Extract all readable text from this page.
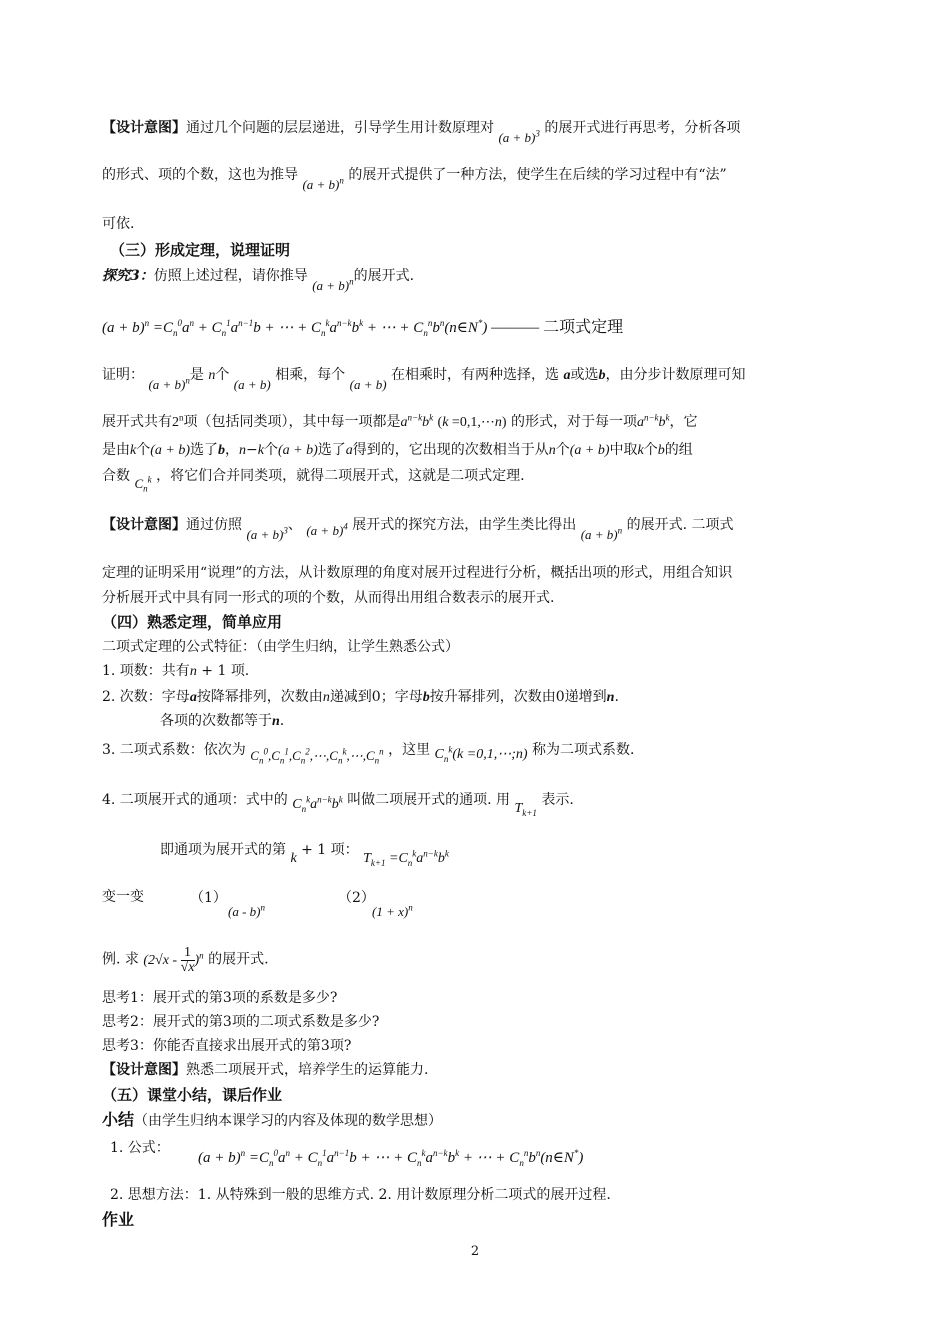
【设计意图】通过几个问题的层层递进，引导学生用计数原理对 $(a + b)^3$ 的展开式进行再思考，分析各项
的形式、项的个数，这也为推导 $(a + b)^n$ 的展开式提供了一种方法，使学生在后续的学习过程中有“法”
可依.
（三）形成定理，说理证明
探究3：仿照上述过程，请你推导 $(a + b)^n$的展开式.
$(a + b)^n =C_n^0a^n + C_n^1a^{n-1}b$ + ⋯ + $C_n^ka^{n-k}b^k$ + ⋯ + $C_n^nb^n(n\in N^*)$ ——— 二项式定理
证明： $(a + b)^n$是 n个 (a + b) 相乘，每个 (a + b) 在相乘时，有两种选择，选 a或选b，由分步计数原理可知
展开式共有2$^n$项（包括同类项），其中每一项都是$a^{n-k}b^k$ (k =0,1,⋯n) 的形式，对于每一项$a^{n-k}b^k$，它
是由k个(a + b)选了b，n−k个(a + b)选了a得到的，它出现的次数相当于从n个(a + b)中取k个b的组
合数 $C_n^k$ ，将它们合并同类项，就得二项展开式，这就是二项式定理.
【设计意图】通过仿照 $(a + b)^3$、 $(a + b)^4$ 展开式的探究方法，由学生类比得出 $(a + b)^n$ 的展开式. 二项式
定理的证明采用“说理”的方法，从计数原理的角度对展开过程进行分析，概括出项的形式，用组合知识
分析展开式中具有同一形式的项的个数，从而得出用组合数表示的展开式.
（四）熟悉定理，简单应用
二项式定理的公式特征：（由学生归纳，让学生熟悉公式）
1. 项数：共有n + 1 项.
2. 次数：字母a按降幂排列，次数由n递减到0；字母b按升幂排列，次数由0递增到n.
各项的次数都等于n.
3. 二项式系数：依次为 $C_n^0,C_n^1,C_n^2,\cdots,C_n^k,\cdots,C_n^n$ ，这里 $C_n^k(k$ =0,1,⋯;n) 称为二项式系数.
4. 二项展开式的通项：式中的 $C_n^ka^{n-k}b^k$ 叫做二项展开式的通项. 用 $T_{k+1}$ 表示.
即通项为展开式的第 k + 1 项： $T_{k+1} =C_n^ka^{n-k}b^k$
变一变	（1）
(a - b)$^n$
（2）
$(1 + x)^n$
例. 求 $(2√x - \frac{1}{√x} )^n$ 的展开式.
思考1：展开式的第3项的系数是多少?
思考2：展开式的第3项的二项式系数是多少?
思考3：你能否直接求出展开式的第3项?
【设计意图】熟悉二项展开式，培养学生的运算能力.
（五）课堂小结，课后作业
小结（由学生归纳本课学习的内容及体现的数学思想）
1. 公式：
$(a + b)^n =C_n^0a^n + C_n^1a^{n-1}b$ + ⋯ + $C_n^ka^{n-k}b^k$ + ⋯ + $C_n^nb^n(n\in N^*)$
2. 思想方法：1. 从特殊到一般的思维方式. 2. 用计数原理分析二项式的展开过程.
作业
2
